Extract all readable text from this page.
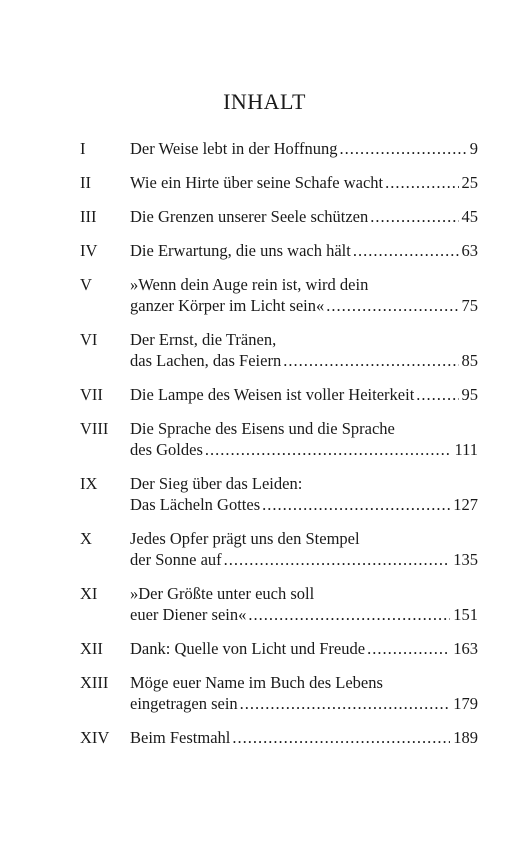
INHALT
I	Der Weise lebt in der Hoffnung .....	9
II	Wie ein Hirte über seine Schafe wacht .....	25
III	Die Grenzen unserer Seele schützen .....	45
IV	Die Erwartung, die uns wach hält .....	63
V	»Wenn dein Auge rein ist, wird dein
ganzer Körper im Licht sein« .....	75
VI	Der Ernst, die Tränen,
das Lachen, das Feiern .....	85
VII	Die Lampe des Weisen ist voller Heiterkeit .....	95
VIII	Die Sprache des Eisens und die Sprache
des Goldes .....	111
IX	Der Sieg über das Leiden:
Das Lächeln Gottes .....	127
X	Jedes Opfer prägt uns den Stempel
der Sonne auf .....	135
XI	»Der Größte unter euch soll
euer Diener sein« .....	151
XII	Dank: Quelle von Licht und Freude .....	163
XIII	Möge euer Name im Buch des Lebens
eingetragen sein .....	179
XIV	Beim Festmahl .....	189
